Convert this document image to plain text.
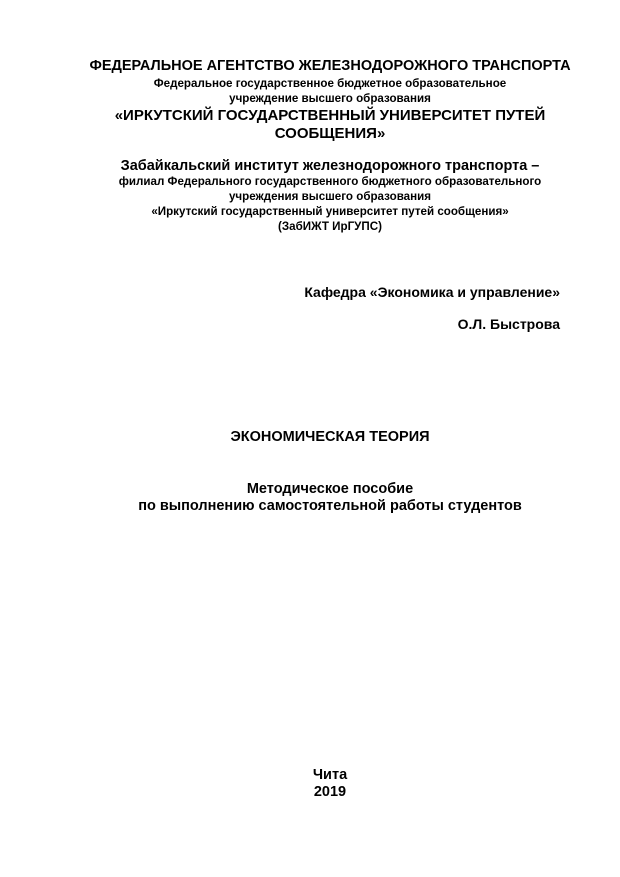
ФЕДЕРАЛЬНОЕ АГЕНТСТВО ЖЕЛЕЗНОДОРОЖНОГО ТРАНСПОРТА
Федеральное государственное бюджетное образовательное
учреждение высшего образования
«ИРКУТСКИЙ ГОСУДАРСТВЕННЫЙ УНИВЕРСИТЕТ ПУТЕЙ
СООБЩЕНИЯ»
Забайкальский институт железнодорожного транспорта –
филиал Федерального государственного бюджетного образовательного
учреждения высшего образования
«Иркутский государственный университет путей сообщения»
(ЗабИЖТ ИрГУПС)
Кафедра «Экономика и управление»
О.Л. Быстрова
ЭКОНОМИЧЕСКАЯ ТЕОРИЯ
Методическое пособие
по выполнению самостоятельной работы студентов
Чита
2019
